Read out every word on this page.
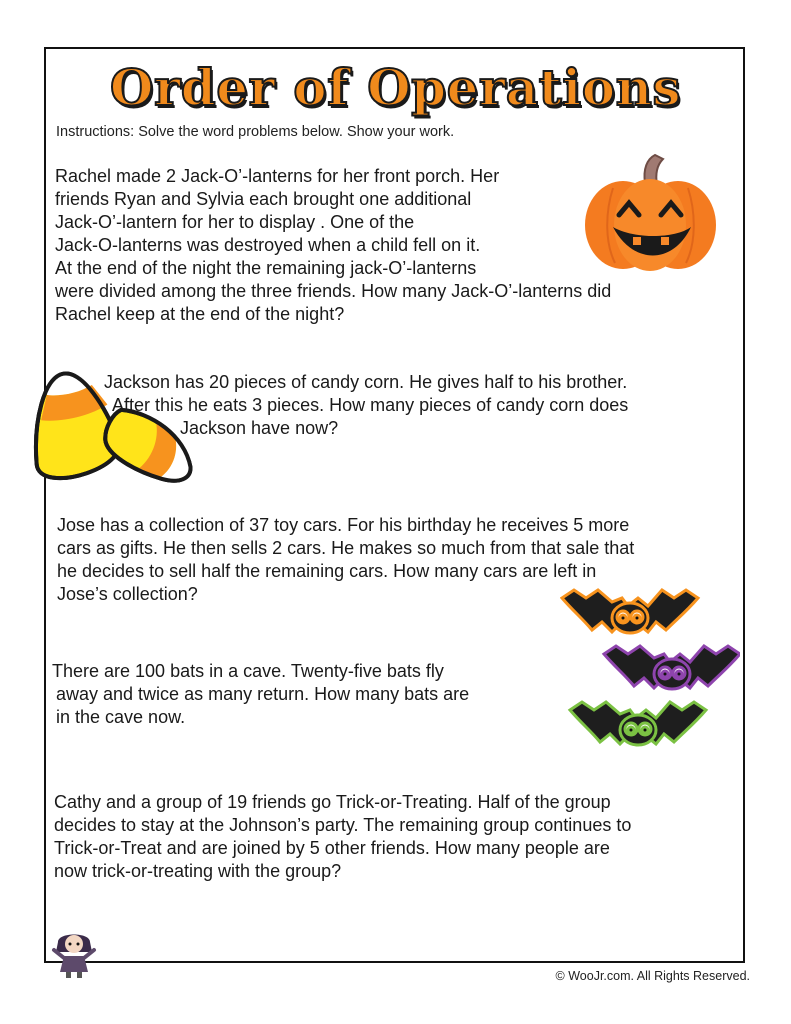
Order of Operations
Instructions: Solve the word problems below. Show your work.
Rachel made 2 Jack-O’-lanterns for her front porch. Her
friends Ryan and Sylvia each brought one additional
Jack-O’-lantern for her to display . One of the
Jack-O-lanterns was destroyed when a child fell on it.
At the end of the night the remaining jack-O’-lanterns
were divided among the three friends. How many Jack-O’-lanterns did
Rachel keep at the end of the night?
Jackson has 20 pieces of candy corn. He gives half to his brother.
After this he eats 3 pieces. How many pieces of candy corn does
Jackson have now?
Jose has a collection of 37 toy cars. For his birthday he receives 5 more
cars as gifts. He then sells 2 cars. He makes so much from that sale that
he decides to sell half the remaining cars. How many cars are left in
Jose’s collection?
There are 100 bats in a cave. Twenty-five bats fly
away and twice as many return. How many bats are
in the cave now.
Cathy and a group of 19 friends go Trick-or-Treating. Half of the group
decides to stay at the Johnson’s party. The remaining group continues to
Trick-or-Treat and are joined by 5 other friends. How many people are
now trick-or-treating with the group?
© WooJr.com. All Rights Reserved.
